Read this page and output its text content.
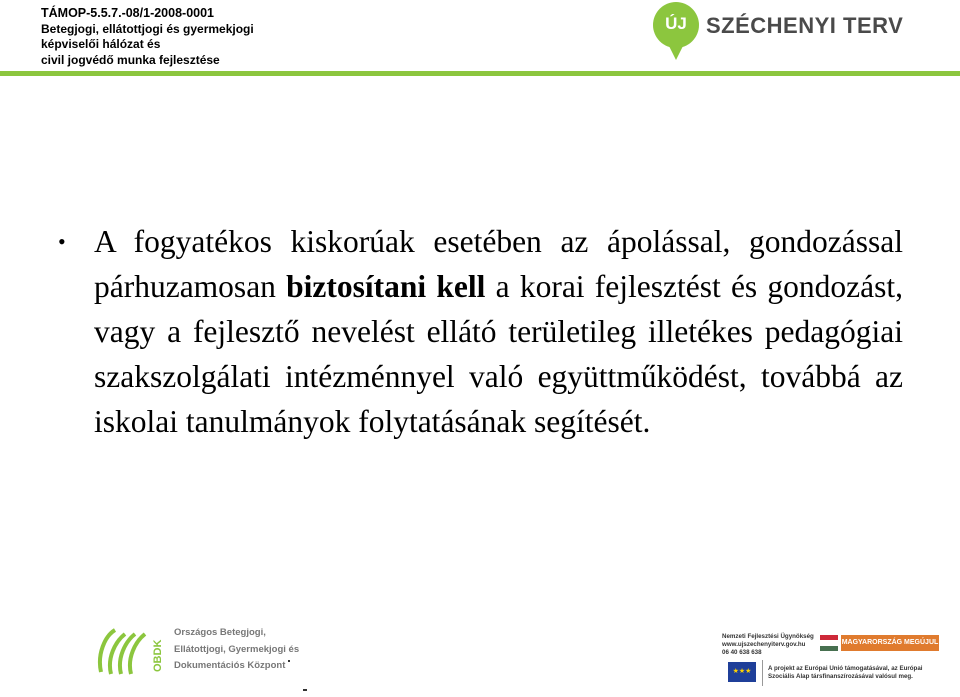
TÁMOP-5.5.7.-08/1-2008-0001
Betegjogi, ellátottjogi és gyermekjogi
képviselői hálózat és
civil jogvédő munka fejlesztése
ÚJ SZÉCHENYI TERV
• A fogyatékos kiskorúak esetében az ápolással, gondozással párhuzamosan biztosítani kell a korai fejlesztést és gondozást, vagy a fejlesztő nevelést ellátó területileg illetékes pedagógiai szakszolgálati intézménnyel való együttműködést, továbbá az iskolai tanulmányok folytatásának segítését.
OBDK
Országos Betegjogi,
Ellátottjogi, Gyermekjogi és
Dokumentációs Központ
Nemzeti Fejlesztési Ügynökség
www.ujszechenyiterv.gov.hu
06 40 638 638
MAGYARORSZÁG MEGÚJUL
★★★	A projekt az Európai Unió támogatásával, az Európai
Szociális Alap társfinanszírozásával valósul meg.
